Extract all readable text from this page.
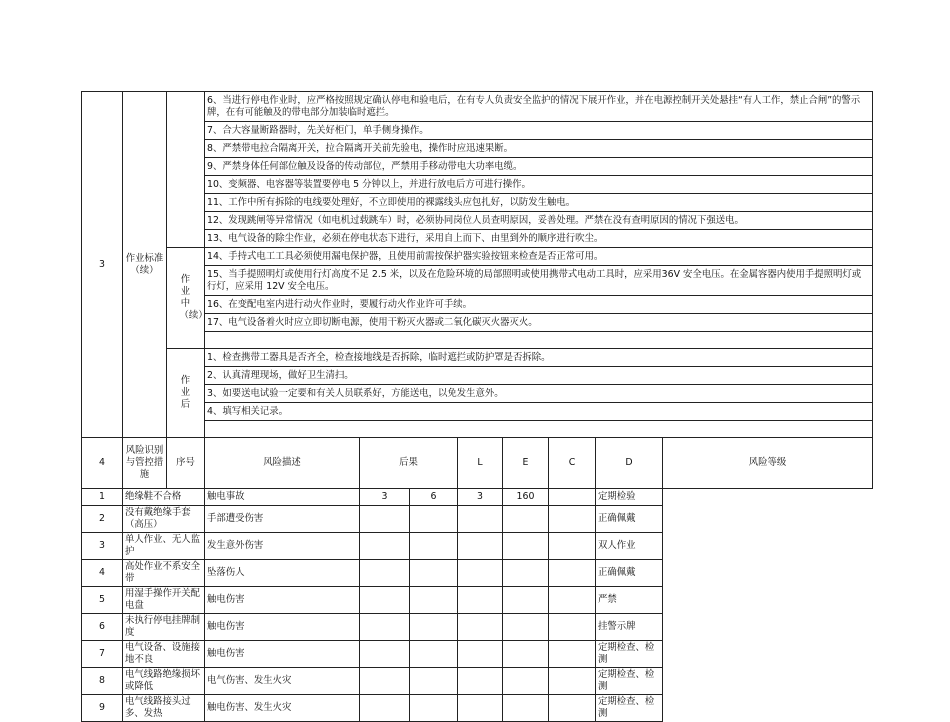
3	作业标准（续）		6、当进行停电作业时，应严格按照规定确认停电和验电后，在有专人负责安全监护的情况下展开作业，并在电源控制开关处悬挂“有人工作，禁止合闸”的警示牌，在有可能触及的带电部分加装临时遮拦。								
			7、合大容量断路器时，先关好柜门，单手侧身操作。								
			8、严禁带电拉合隔离开关，拉合隔离开关前先验电，操作时应迅速果断。								
			9、严禁身体任何部位触及设备的传动部位，严禁用手移动带电大功率电缆。								
			10、变频器、电容器等装置要停电 5 分钟以上，并进行放电后方可进行操作。								
			11、工作中所有拆除的电线要处理好，不立即使用的裸露线头应包扎好，以防发生触电。								
			12、发现跳闸等异常情况（如电机过载跳车）时，必须协同岗位人员查明原因，妥善处理。严禁在没有查明原因的情况下强送电。								
			13、电气设备的除尘作业，必须在停电状态下进行，采用自上而下、由里到外的顺序进行吹尘。								
		作业中（续）	14、手持式电工工具必须使用漏电保护器，且使用前需按保护器实验按钮来检查是否正常可用。								
			15、当手提照明灯或使用行灯高度不足 2.5 米，以及在危险环境的局部照明或使用携带式电动工具时，应采用36V 安全电压。在金属容器内使用手提照明灯或行灯，应采用 12V 安全电压。								
			16、在变配电室内进行动火作业时，要履行动火作业许可手续。								
			17、电气设备着火时应立即切断电源，使用干粉灭火器或二氧化碳灭火器灭火。								

		作业后	1、检查携带工器具是否齐全，检查接地线是否拆除，临时遮拦或防护罩是否拆除。								
			2、认真清理现场，做好卫生清扫。								
			3、如要送电试验一定要和有关人员联系好，方能送电，以免发生意外。								
			4、填写相关记录。								

4	风险识别与管控措施	序号	风险描述	后果		L	E	C	D	风险等级	
1	绝缘鞋不合格		触电事故	3	6	3	160		定期检验		
2	没有戴绝缘手套（高压）		手部遭受伤害						正确佩戴		
3	单人作业、无人监护		发生意外伤害						双人作业		
4	高处作业不系安全带		坠落伤人						正确佩戴		
5	用湿手操作开关配电盘		触电伤害						严禁		
6	未执行停电挂牌制度		触电伤害						挂警示牌		
7	电气设备、设施接地不良		触电伤害						定期检查、检测		
8	电气线路绝缘损坏或降低		电气伤害、发生火灾						定期检查、检测		
9	电气线路接头过多、发热		触电伤害、发生火灾						定期检查、检测		
